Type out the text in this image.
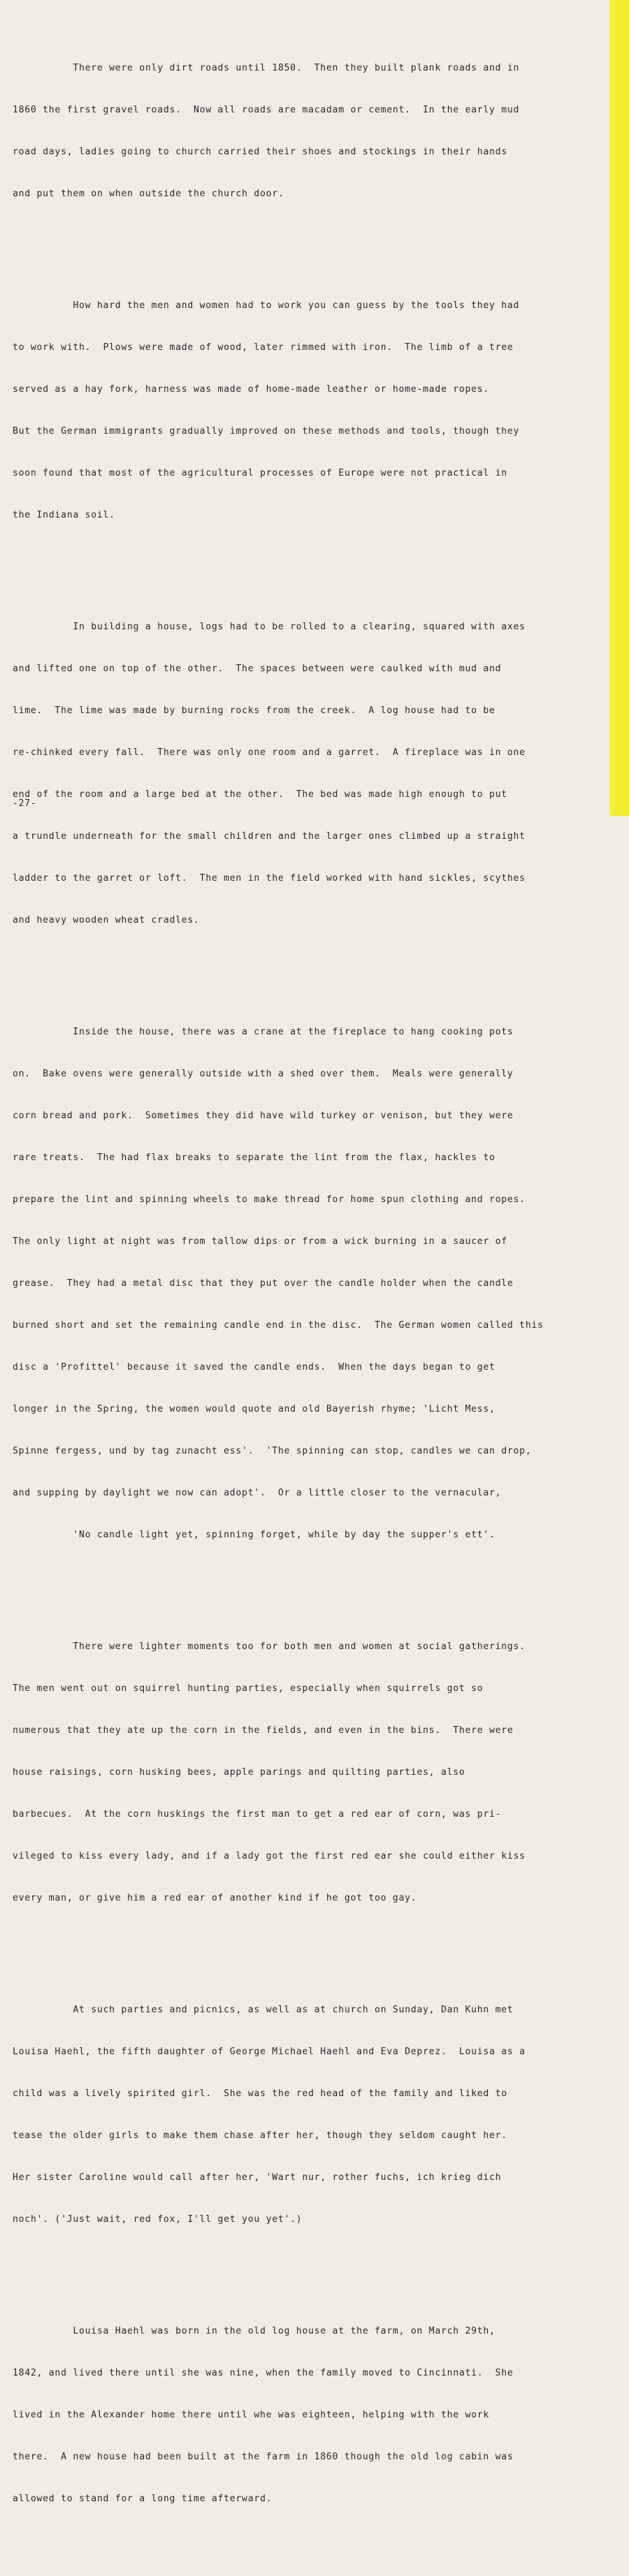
There were only dirt roads until 1850.  Then they built plank roads and in

1860 the first gravel roads.  Now all roads are macadam or cement.  In the early mud

road days, ladies going to church carried their shoes and stockings in their hands

and put them on when outside the church door.

How hard the men and women had to work you can guess by the tools they had

to work with.  Plows were made of wood, later rimmed with iron.  The limb of a tree

served as a hay fork, harness was made of home-made leather or home-made ropes.

But the German immigrants gradually improved on these methods and tools, though they

soon found that most of the agricultural processes of Europe were not practical in

the Indiana soil.

In building a house, logs had to be rolled to a clearing, squared with axes

and lifted one on top of the other.  The spaces between were caulked with mud and

lime.  The lime was made by burning rocks from the creek.  A log house had to be

re-chinked every fall.  There was only one room and a garret.  A fireplace was in one

end of the room and a large bed at the other.  The bed was made high enough to put

a trundle underneath for the small children and the larger ones climbed up a straight

ladder to the garret or loft.  The men in the field worked with hand sickles, scythes

and heavy wooden wheat cradles.

Inside the house, there was a crane at the fireplace to hang cooking pots

on.  Bake ovens were generally outside with a shed over them.  Meals were generally

corn bread and pork.  Sometimes they did have wild turkey or venison, but they were

rare treats.  The had flax breaks to separate the lint from the flax, hackles to

prepare the lint and spinning wheels to make thread for home spun clothing and ropes.

The only light at night was from tallow dips or from a wick burning in a saucer of

grease.  They had a metal disc that they put over the candle holder when the candle

burned short and set the remaining candle end in the disc.  The German women called this

disc a 'Profittel' because it saved the candle ends.  When the days began to get

longer in the Spring, the women would quote and old Bayerish rhyme; 'Licht Mess,

Spinne fergess, und by tag zunacht ess'.  'The spinning can stop, candles we can drop,

and supping by daylight we now can adopt'.  Or a little closer to the vernacular,

'No candle light yet, spinning forget, while by day the supper's ett'.

There were lighter moments too for both men and women at social gatherings.

The men went out on squirrel hunting parties, especially when squirrels got so

numerous that they ate up the corn in the fields, and even in the bins.  There were

house raisings, corn husking bees, apple parings and quilting parties, also

barbecues.  At the corn huskings the first man to get a red ear of corn, was pri-

vileged to kiss every lady, and if a lady got the first red ear she could either kiss

every man, or give him a red ear of another kind if he got too gay.

At such parties and picnics, as well as at church on Sunday, Dan Kuhn met

Louisa Haehl, the fifth daughter of George Michael Haehl and Eva Deprez.  Louisa as a

child was a lively spirited girl.  She was the red head of the family and liked to

tease the older girls to make them chase after her, though they seldom caught her.

Her sister Caroline would call after her, 'Wart nur, rother fuchs, ich krieg dich

noch'. ('Just wait, red fox, I'll get you yet'.)

Louisa Haehl was born in the old log house at the farm, on March 29th,

1842, and lived there until she was nine, when the family moved to Cincinnati.  She

lived in the Alexander home there until whe was eighteen, helping with the work

there.  A new house had been built at the farm in 1860 though the old log cabin was

allowed to stand for a long time afterward.

-27-
